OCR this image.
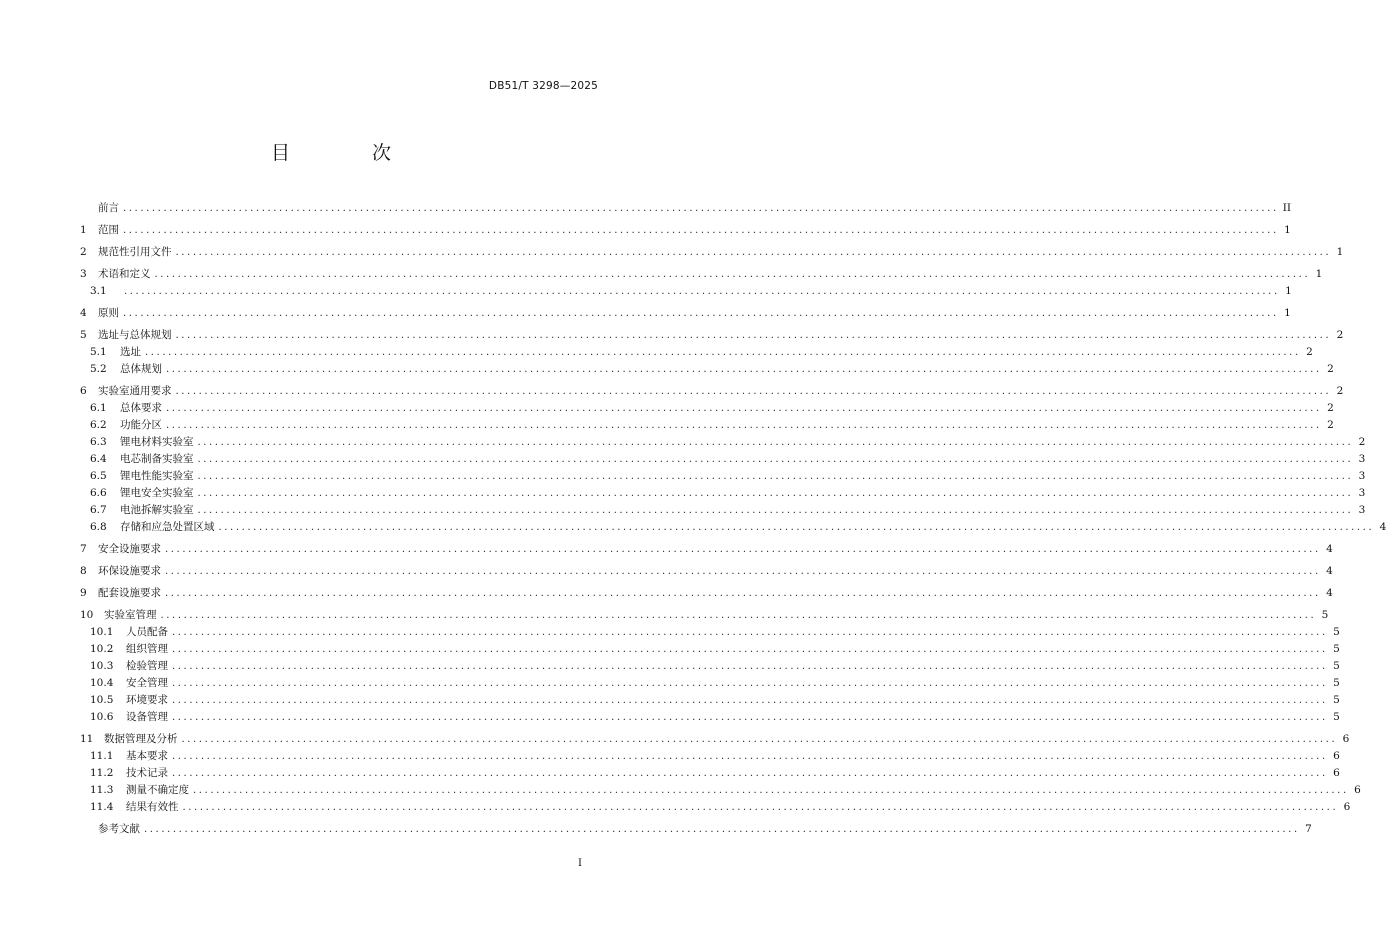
DB51/T 3298—2025
目 次
前言 ........................................................................................................................................................................................................ II
1	范围 ........................................................................................................................................................................................................ 1
2	规范性引用文件 ........................................................................................................................................................................................................ 1
3	术语和定义 ........................................................................................................................................................................................................ 1
3.1	........................................................................................................................................................................................................ 1
4	原则 ........................................................................................................................................................................................................ 1
5	选址与总体规划 ........................................................................................................................................................................................................ 2
5.1	选址 ........................................................................................................................................................................................................ 2
5.2	总体规划 ........................................................................................................................................................................................................ 2
6	实验室通用要求 ........................................................................................................................................................................................................ 2
6.1	总体要求 ........................................................................................................................................................................................................ 2
6.2	功能分区 ........................................................................................................................................................................................................ 2
6.3	锂电材料实验室 ........................................................................................................................................................................................................ 2
6.4	电芯制备实验室 ........................................................................................................................................................................................................ 3
6.5	锂电性能实验室 ........................................................................................................................................................................................................ 3
6.6	锂电安全实验室 ........................................................................................................................................................................................................ 3
6.7	电池拆解实验室 ........................................................................................................................................................................................................ 3
6.8	存储和应急处置区域 ........................................................................................................................................................................................................ 4
7	安全设施要求 ........................................................................................................................................................................................................ 4
8	环保设施要求 ........................................................................................................................................................................................................ 4
9	配套设施要求 ........................................................................................................................................................................................................ 4
10	实验室管理 ........................................................................................................................................................................................................ 5
10.1	人员配备 ........................................................................................................................................................................................................ 5
10.2	组织管理 ........................................................................................................................................................................................................ 5
10.3	检验管理 ........................................................................................................................................................................................................ 5
10.4	安全管理 ........................................................................................................................................................................................................ 5
10.5	环境要求 ........................................................................................................................................................................................................ 5
10.6	设备管理 ........................................................................................................................................................................................................ 5
11	数据管理及分析 ........................................................................................................................................................................................................ 6
11.1	基本要求 ........................................................................................................................................................................................................ 6
11.2	技术记录 ........................................................................................................................................................................................................ 6
11.3	测量不确定度 ........................................................................................................................................................................................................ 6
11.4	结果有效性 ........................................................................................................................................................................................................ 6
参考文献 ........................................................................................................................................................................................................ 7
I
